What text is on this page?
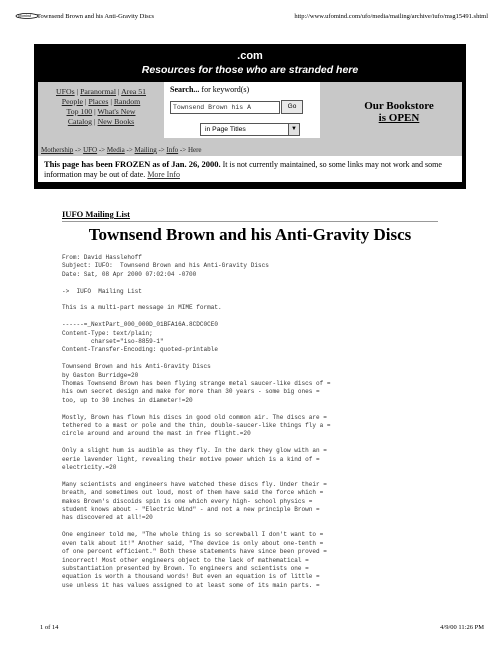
ufomind Townsend Brown and his Anti-Gravity Discs	http://www.ufomind.com/ufo/media/mailing/archive/iufo/msg15491.shtml
.com
Resources for those who are stranded here
UFOs | Paranormal | Area 51
People | Places | Random
Top 100 | What's New
Catalog | New Books
Search... for keyword(s)
Townsend Brown his A	Go
in Page Titles	▼
Our Bookstore
is OPEN
Mothership -> UFO -> Media -> Mailing -> Info -> Here
This page has been FROZEN as of Jan. 26, 2000. It is not currently maintained, so some links may not work and some information may be out of date. More Info
IUFO Mailing List
Townsend Brown and his Anti-Gravity Discs
From: David Hasslehoff
Subject: IUFO:  Townsend Brown and his Anti-Gravity Discs
Date: Sat, 08 Apr 2000 07:02:04 -0700
->  IUFO  Mailing List
This is a multi-part message in MIME format.
------=_NextPart_000_000D_01BFA16A.8CDC0CE0
Content-Type: text/plain;
charset="iso-8859-1"
Content-Transfer-Encoding: quoted-printable
Townsend Brown and his Anti-Gravity Discs
by Gaston Burridge=20
Thomas Townsend Brown has been flying strange metal saucer-like discs of =
his own secret design and make for more than 30 years - some big ones =
too, up to 30 inches in diameter!=20
Mostly, Brown has flown his discs in good old common air. The discs are =
tethered to a mast or pole and the thin, double-saucer-like things fly a =
circle around and around the mast in free flight.=20
Only a slight hum is audible as they fly. In the dark they glow with an =
eerie lavender light, revealing their motive power which is a kind of =
electricity.=20
Many scientists and engineers have watched these discs fly. Under their =
breath, and sometimes out loud, most of them have said the force which =
makes Brown's discoids spin is one which every high- school physics =
student knows about - "Electric Wind" - and not a new principle Brown =
has discovered at all!=20
One engineer told me, "The whole thing is so screwball I don't want to =
even talk about it!" Another said, "The device is only about one-tenth =
of one percent efficient." Both these statements have since been proved =
incorrect! Most other engineers object to the lack of mathematical =
substantiation presented by Brown. To engineers and scientists one =
equation is worth a thousand words! But even an equation is of little =
use unless it has values assigned to at least some of its main parts. =
1 of 14	4/9/00 11:26 PM
